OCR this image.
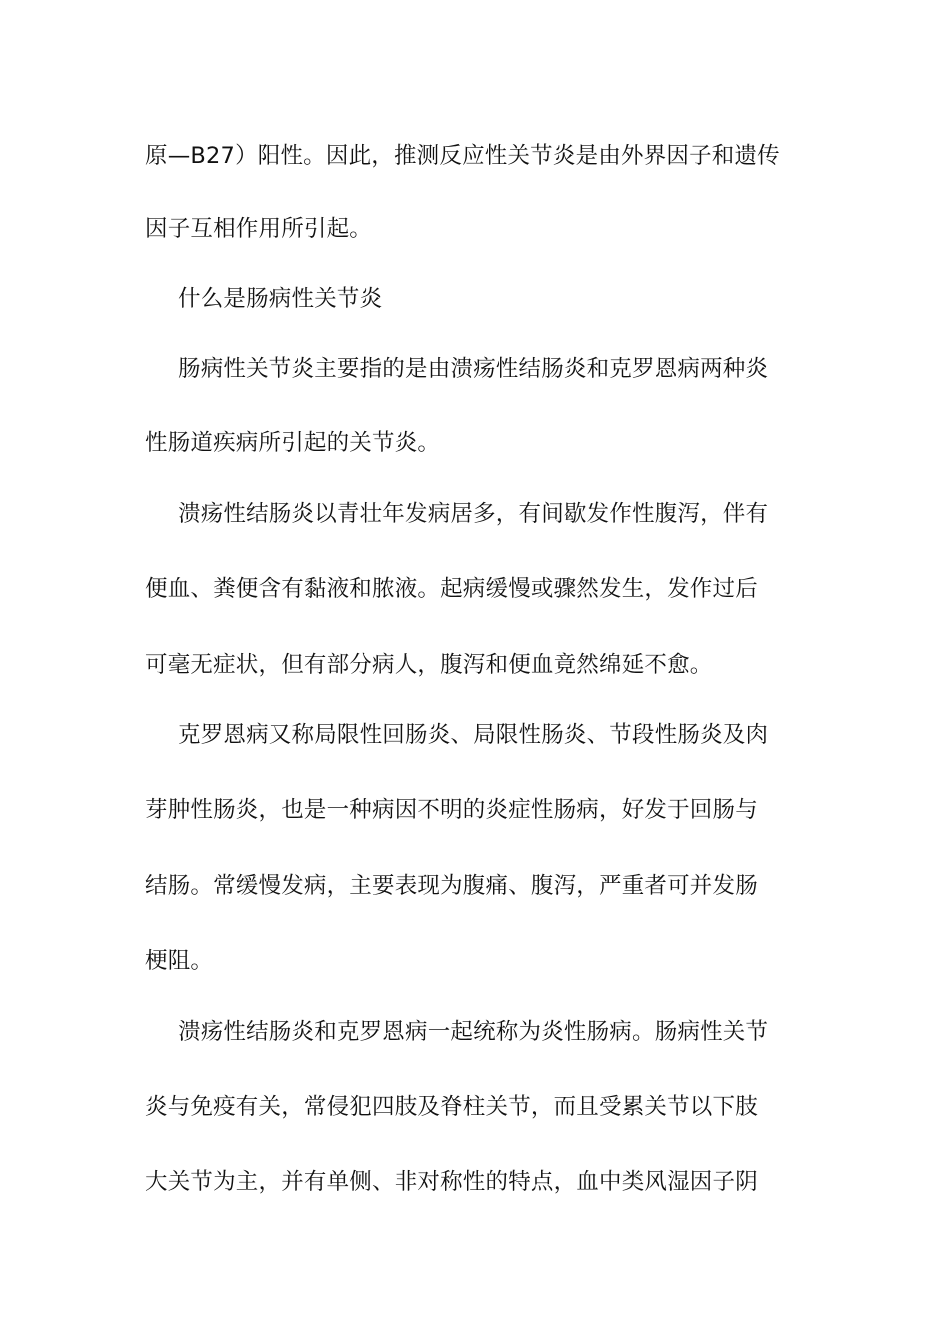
原—B27）阳性。因此，推测反应性关节炎是由外界因子和遗传
因子互相作用所引起。
什么是肠病性关节炎
肠病性关节炎主要指的是由溃疡性结肠炎和克罗恩病两种炎
性肠道疾病所引起的关节炎。
溃疡性结肠炎以青壮年发病居多，有间歇发作性腹泻，伴有
便血、粪便含有黏液和脓液。起病缓慢或骤然发生，发作过后
可毫无症状，但有部分病人，腹泻和便血竟然绵延不愈。
克罗恩病又称局限性回肠炎、局限性肠炎、节段性肠炎及肉
芽肿性肠炎，也是一种病因不明的炎症性肠病，好发于回肠与
结肠。常缓慢发病，主要表现为腹痛、腹泻，严重者可并发肠
梗阻。
溃疡性结肠炎和克罗恩病一起统称为炎性肠病。肠病性关节
炎与免疫有关，常侵犯四肢及脊柱关节，而且受累关节以下肢
大关节为主，并有单侧、非对称性的特点，血中类风湿因子阴
